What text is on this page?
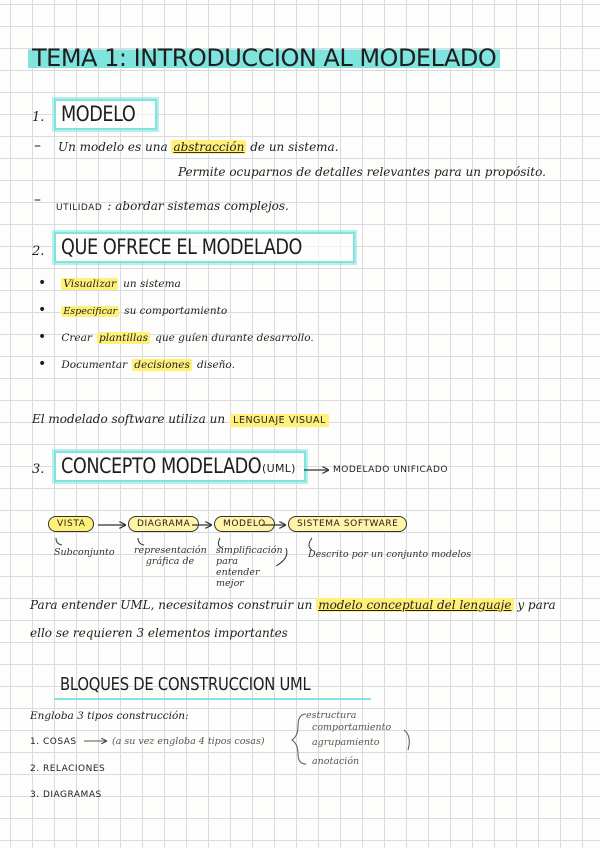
TEMA 1: INTRODUCCION AL MODELADO
1. MODELO
– Un modelo es una abstracción de un sistema.
Permite ocuparnos de detalles relevantes para un propósito.
– UTILIDAD : abordar sistemas complejos.
2. QUE OFRECE EL MODELADO
• Visualizar un sistema
• Especificar su comportamiento
• Crear plantillas que guíen durante desarrollo.
• Documentar decisiones diseño.
El modelado software utiliza un LENGUAJE VISUAL
3. CONCEPTO MODELADO (UML)	MODELADO UNIFICADO
VISTA	DIAGRAMA	MODELO	SISTEMA SOFTWARE
Subconjunto representación gráfica de
simplificación para entender mejor
Descrito por un conjunto modelos
Para entender UML, necesitamos construir un modelo conceptual del lenguaje y para
ello se requieren 3 elementos importantes
BLOQUES DE CONSTRUCCION UML
Engloba 3 tipos construcción:
1. COSAS	(a su vez engloba 4 tipos cosas)
estructura
comportamiento
agrupamiento
anotación
2. RELACIONES
3. DIAGRAMAS
